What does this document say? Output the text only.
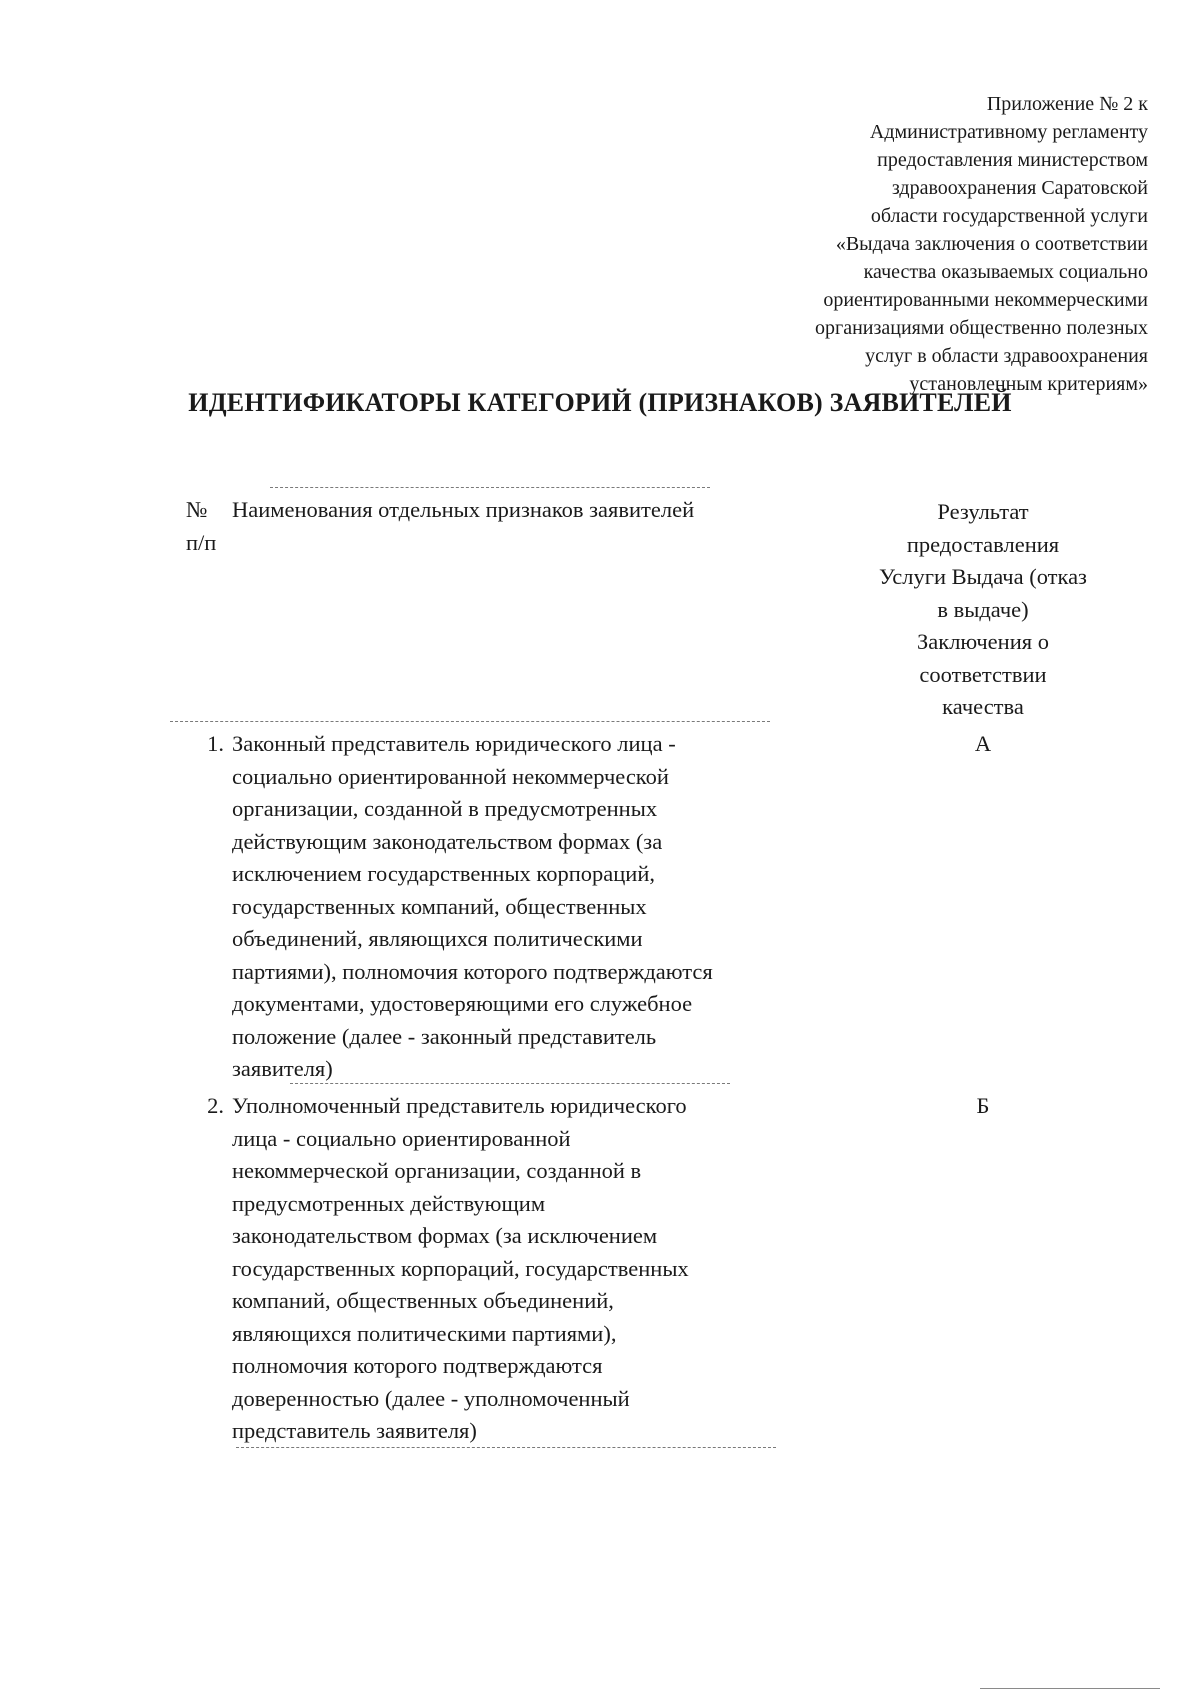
Приложение № 2 к
Административному регламенту
предоставления министерством
здравоохранения Саратовской
области государственной услуги
«Выдача заключения о соответствии
качества оказываемых социально
ориентированными некоммерческими
организациями общественно полезных
услуг в области здравоохранения
установленным критериям»
ИДЕНТИФИКАТОРЫ КАТЕГОРИЙ (ПРИЗНАКОВ) ЗАЯВИТЕЛЕЙ
№
п/п
Наименования отдельных признаков заявителей	Результат
предоставления
Услуги Выдача (отказ
в выдаче)
Заключения о
соответствии
качества
1. Законный представитель юридического лица -
социально ориентированной некоммерческой
организации, созданной в предусмотренных
действующим законодательством формах (за
исключением государственных корпораций,
государственных компаний, общественных
объединений, являющихся политическими
партиями), полномочия которого подтверждаются
документами, удостоверяющими его служебное
положение (далее - законный представитель
заявителя)
А
2. Уполномоченный представитель юридического
лица - социально ориентированной
некоммерческой организации, созданной в
предусмотренных действующим
законодательством формах (за исключением
государственных корпораций, государственных
компаний, общественных объединений,
являющихся политическими партиями),
полномочия которого подтверждаются
доверенностью (далее - уполномоченный
представитель заявителя)
Б
